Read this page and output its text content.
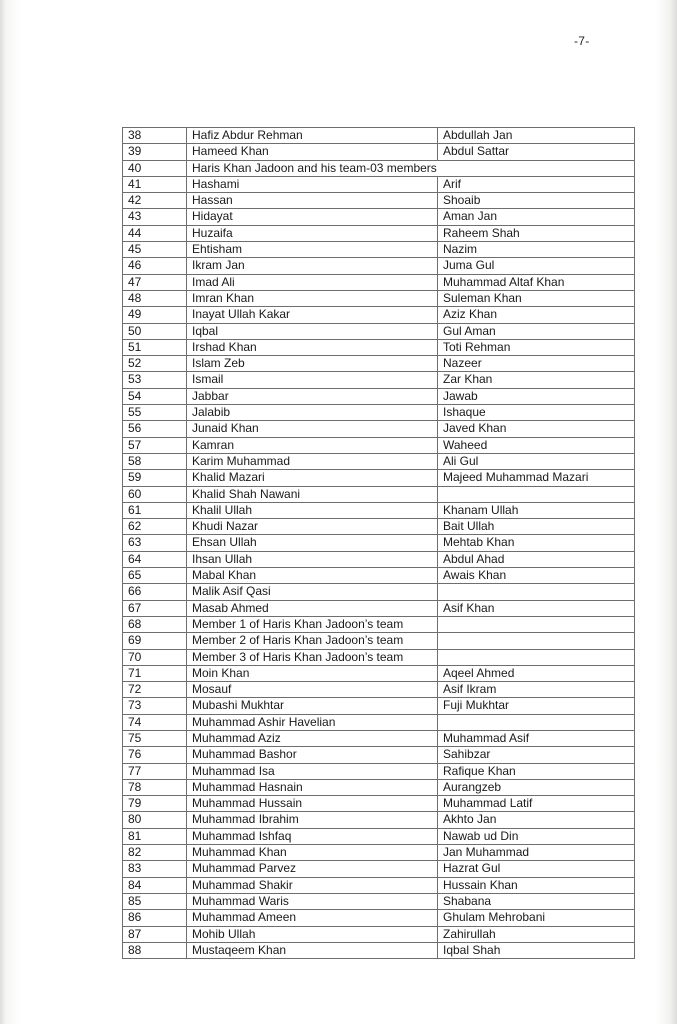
-7-
38	Hafiz Abdur Rehman	Abdullah Jan
39	Hameed Khan	Abdul Sattar
40	Haris Khan Jadoon and his team-03 members	
41	Hashami	Arif
42	Hassan	Shoaib
43	Hidayat	Aman Jan
44	Huzaifa	Raheem Shah
45	Ehtisham	Nazim
46	Ikram Jan	Juma Gul
47	Imad Ali	Muhammad Altaf Khan
48	Imran Khan	Suleman Khan
49	Inayat Ullah Kakar	Aziz Khan
50	Iqbal	Gul Aman
51	Irshad Khan	Toti Rehman
52	Islam Zeb	Nazeer
53	Ismail	Zar Khan
54	Jabbar	Jawab
55	Jalabib	Ishaque
56	Junaid Khan	Javed Khan
57	Kamran	Waheed
58	Karim Muhammad	Ali Gul
59	Khalid Mazari	Majeed Muhammad Mazari
60	Khalid Shah Nawani	
61	Khalil Ullah	Khanam Ullah
62	Khudi Nazar	Bait Ullah
63	Ehsan Ullah	Mehtab Khan
64	Ihsan Ullah	Abdul Ahad
65	Mabal Khan	Awais Khan
66	Malik Asif Qasi	
67	Masab Ahmed	Asif Khan
68	Member 1 of Haris Khan Jadoon’s team	
69	Member 2 of Haris Khan Jadoon’s team	
70	Member 3 of Haris Khan Jadoon’s team	
71	Moin Khan	Aqeel Ahmed
72	Mosauf	Asif Ikram
73	Mubashi Mukhtar	Fuji Mukhtar
74	Muhammad Ashir Havelian	
75	Muhammad Aziz	Muhammad Asif
76	Muhammad Bashor	Sahibzar
77	Muhammad Isa	Rafique Khan
78	Muhammad Hasnain	Aurangzeb
79	Muhammad Hussain	Muhammad Latif
80	Muhammad Ibrahim	Akhto Jan
81	Muhammad Ishfaq	Nawab ud Din
82	Muhammad Khan	Jan Muhammad
83	Muhammad Parvez	Hazrat Gul
84	Muhammad Shakir	Hussain Khan
85	Muhammad Waris	Shabana
86	Muhammad Ameen	Ghulam Mehrobani
87	Mohib Ullah	Zahirullah
88	Mustaqeem Khan	Iqbal Shah
